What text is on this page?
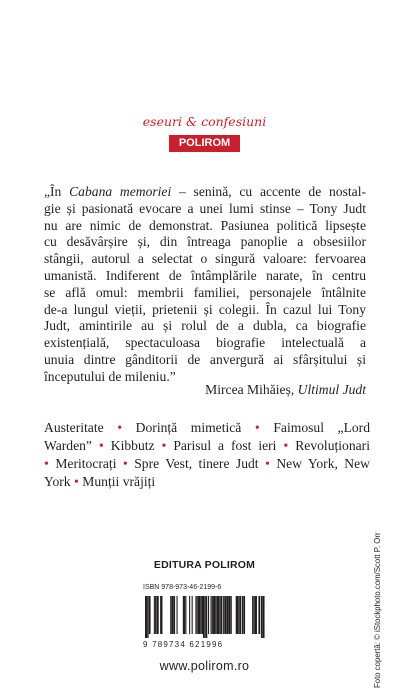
eseuri & confesiuni
POLIROM
„În Cabana memoriei – senină, cu accente de nostal-
gie și pasionată evocare a unei lumi stinse – Tony Judt
nu are nimic de demonstrat. Pasiunea politică lipsește
cu desăvârșire și, din întreaga panoplie a obsesiilor
stângii, autorul a selectat o singură valoare: fervoarea
umanistă. Indiferent de întâmplările narate, în centru
se află omul: membrii familiei, personajele întâlnite
de-a lungul vieții, prietenii și colegii. În cazul lui Tony
Judt, amintirile au și rolul de a dubla, ca biografie
existențială, spectaculoasa biografie intelectuală a
unuia dintre gânditorii de anvergură ai sfârșitului și
începutului de mileniu.”
Mircea Mihăieș, Ultimul Judt
Austeritate • Dorință mimetică • Faimosul „Lord
Warden” • Kibbutz • Parisul a fost ieri • Revoluționari
• Meritocrați • Spre Vest, tinere Judt • New York, New
York • Munții vrăjiți
EDITURA POLIROM
ISBN 978-973-46-2199-6
9 789734 621996
www.polirom.ro	Foto copertă: © iStockphoto.com/Scott P. Orr
